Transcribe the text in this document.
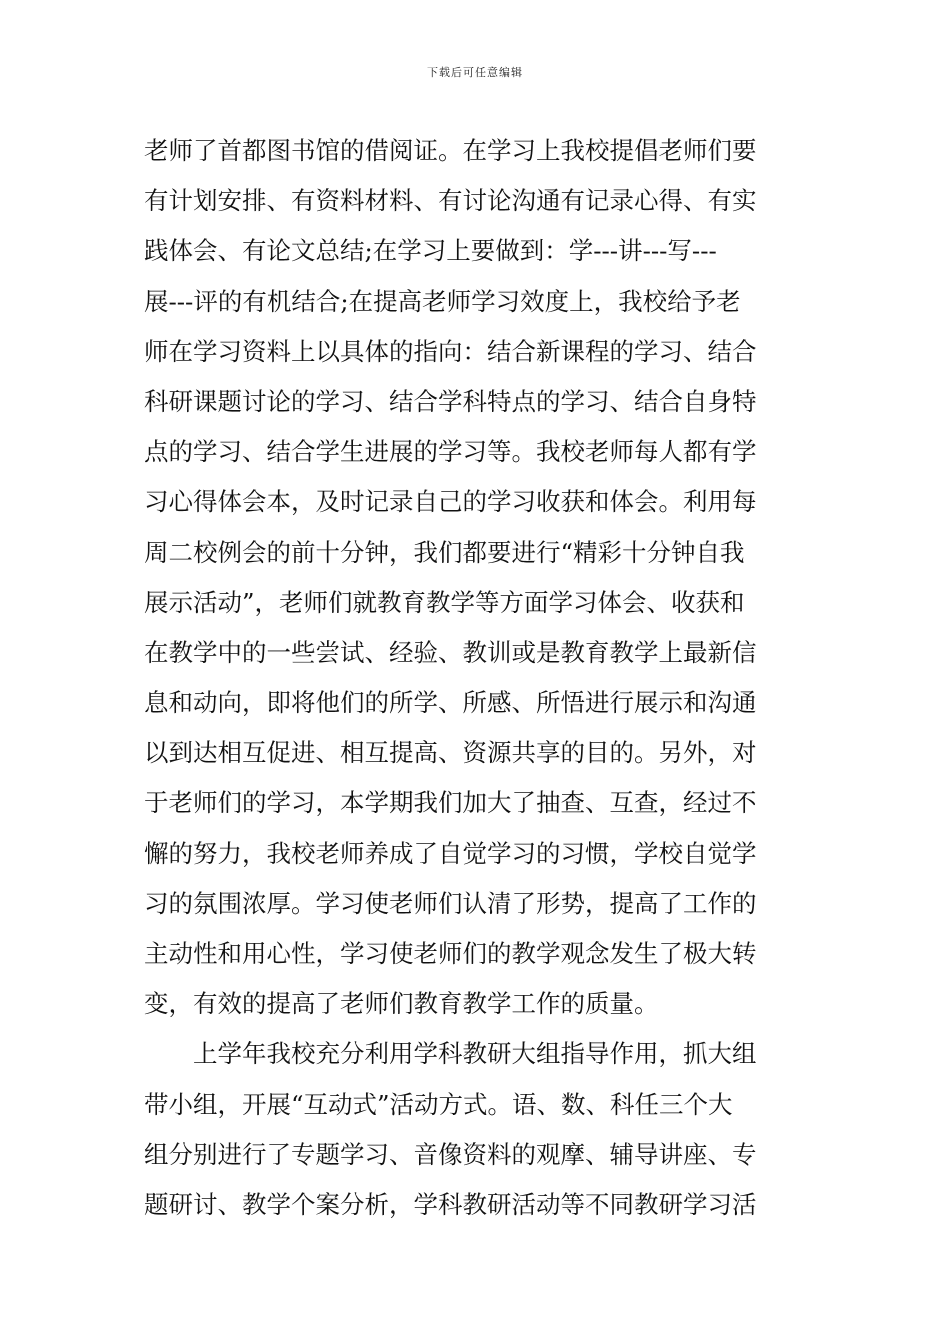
下载后可任意编辑
老师了首都图书馆的借阅证。在学习上我校提倡老师们要
有计划安排、有资料材料、有讨论沟通有记录心得、有实
践体会、有论文总结;在学习上要做到：学---讲---写---
展---评的有机结合;在提高老师学习效度上，我校给予老
师在学习资料上以具体的指向：结合新课程的学习、结合
科研课题讨论的学习、结合学科特点的学习、结合自身特
点的学习、结合学生进展的学习等。我校老师每人都有学
习心得体会本，及时记录自己的学习收获和体会。利用每
周二校例会的前十分钟，我们都要进行“精彩十分钟自我
展示活动”，老师们就教育教学等方面学习体会、收获和
在教学中的一些尝试、经验、教训或是教育教学上最新信
息和动向，即将他们的所学、所感、所悟进行展示和沟通
以到达相互促进、相互提高、资源共享的目的。另外，对
于老师们的学习，本学期我们加大了抽查、互查，经过不
懈的努力，我校老师养成了自觉学习的习惯，学校自觉学
习的氛围浓厚。学习使老师们认清了形势，提高了工作的
主动性和用心性，学习使老师们的教学观念发生了极大转
变，有效的提高了老师们教育教学工作的质量。
上学年我校充分利用学科教研大组指导作用，抓大组
带小组，开展“互动式”活动方式。语、数、科任三个大
组分别进行了专题学习、音像资料的观摩、辅导讲座、专
题研讨、教学个案分析，学科教研活动等不同教研学习活
